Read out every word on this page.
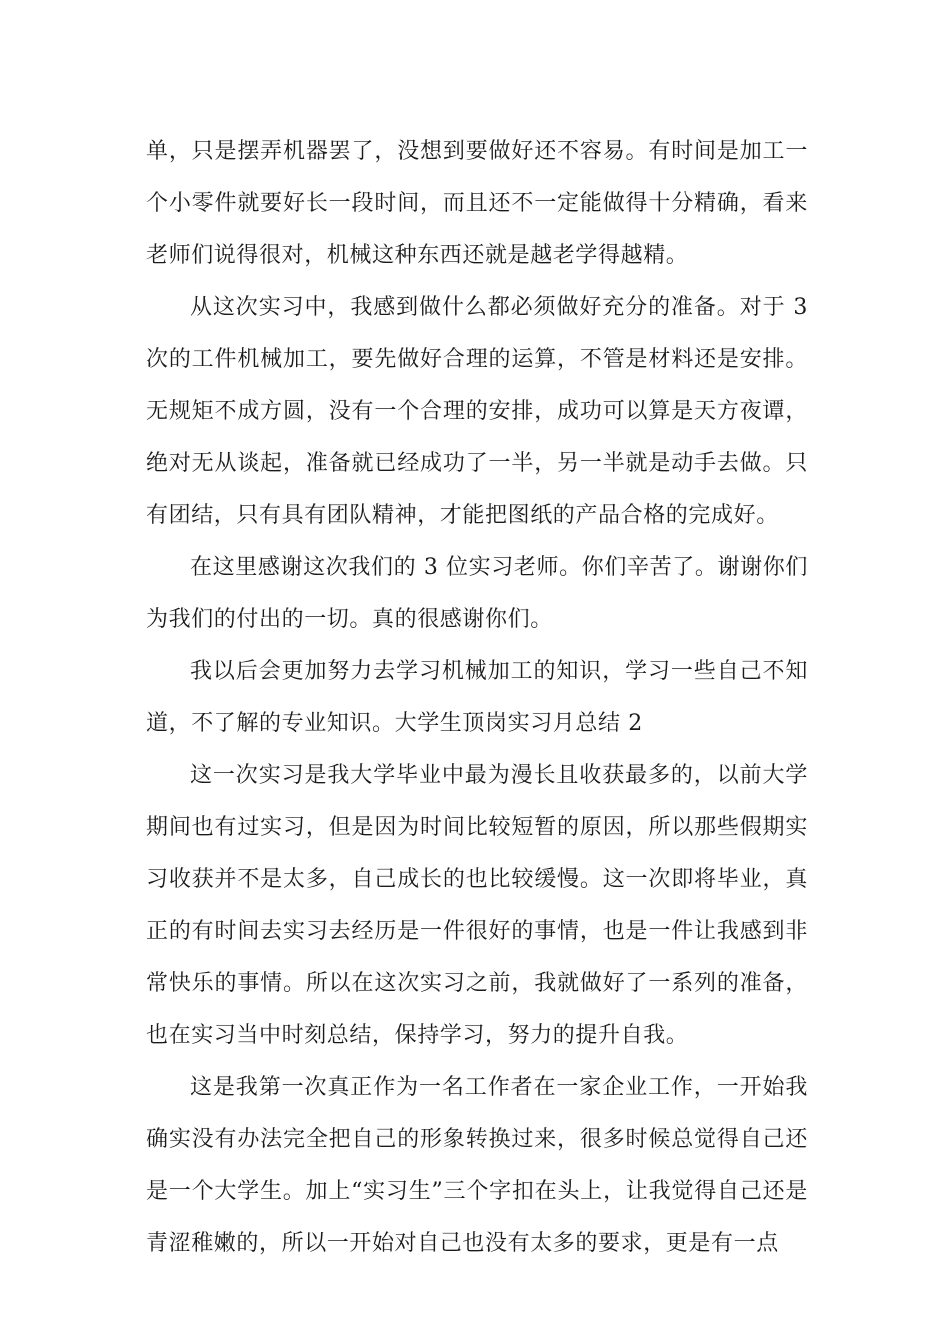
单，只是摆弄机器罢了，没想到要做好还不容易。有时间是加工一个小零件就要好长一段时间，而且还不一定能做得十分精确，看来老师们说得很对，机械这种东西还就是越老学得越精。

从这次实习中，我感到做什么都必须做好充分的准备。对于 3 次的工件机械加工，要先做好合理的运算，不管是材料还是安排。无规矩不成方圆，没有一个合理的安排，成功可以算是天方夜谭，绝对无从谈起，准备就已经成功了一半，另一半就是动手去做。只有团结，只有具有团队精神，才能把图纸的产品合格的完成好。

在这里感谢这次我们的 3 位实习老师。你们辛苦了。谢谢你们为我们的付出的一切。真的很感谢你们。

我以后会更加努力去学习机械加工的知识，学习一些自己不知道，不了解的专业知识。大学生顶岗实习月总结 2

这一次实习是我大学毕业中最为漫长且收获最多的，以前大学期间也有过实习，但是因为时间比较短暂的原因，所以那些假期实习收获并不是太多，自己成长的也比较缓慢。这一次即将毕业，真正的有时间去实习去经历是一件很好的事情，也是一件让我感到非常快乐的事情。所以在这次实习之前，我就做好了一系列的准备，也在实习当中时刻总结，保持学习，努力的提升自我。

这是我第一次真正作为一名工作者在一家企业工作，一开始我确实没有办法完全把自己的形象转换过来，很多时候总觉得自己还是一个大学生。加上“实习生”三个字扣在头上，让我觉得自己还是青涩稚嫩的，所以一开始对自己也没有太多的要求，更是有一点
